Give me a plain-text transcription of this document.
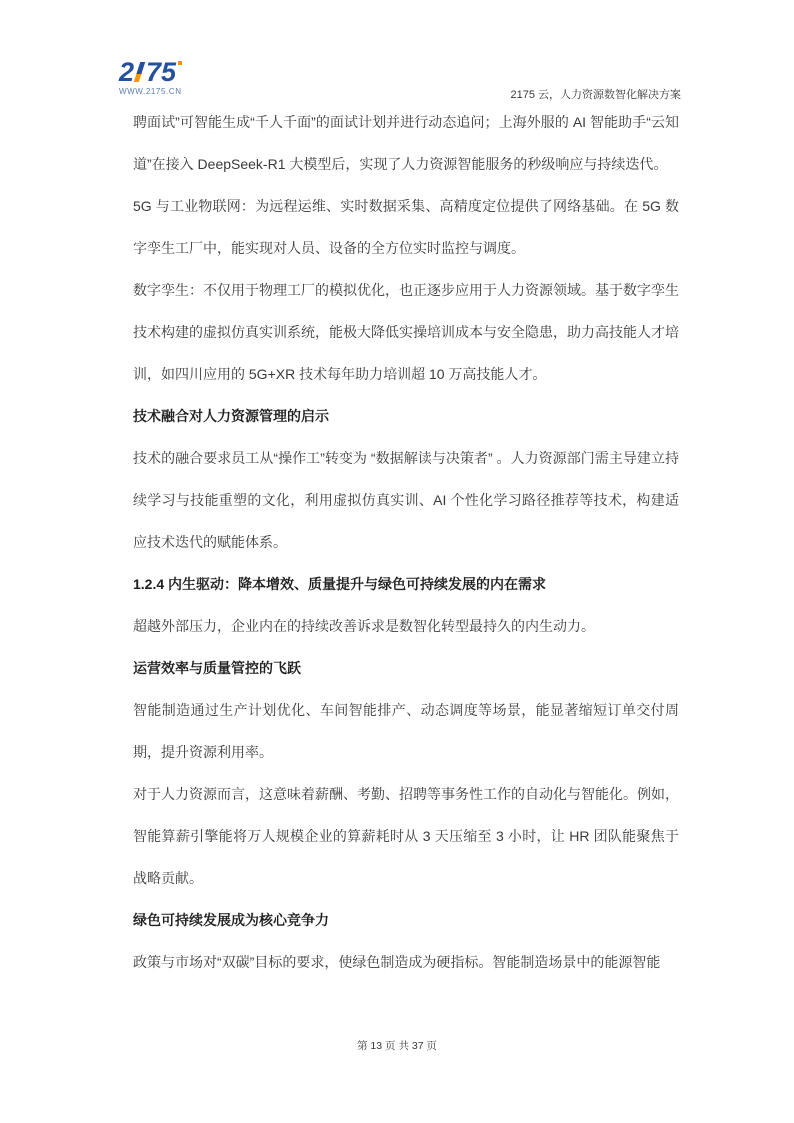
2 75
WWW.2175.CN	2175 云，人力资源数智化解决方案

聘面试”可智能生成“千人千面”的面试计划并进行动态追问；上海外服的 AI 智能助手“云知道”在接入 DeepSeek-R1 大模型后，实现了人力资源智能服务的秒级响应与持续迭代。

5G 与工业物联网：为远程运维、实时数据采集、高精度定位提供了网络基础。在 5G 数字孪生工厂中，能实现对人员、设备的全方位实时监控与调度。

数字孪生：不仅用于物理工厂的模拟优化，也正逐步应用于人力资源领域。基于数字孪生技术构建的虚拟仿真实训系统，能极大降低实操培训成本与安全隐患，助力高技能人才培训，如四川应用的 5G+XR 技术每年助力培训超 10 万高技能人才。

技术融合对人力资源管理的启示

技术的融合要求员工从“操作工”转变为 “数据解读与决策者” 。人力资源部门需主导建立持续学习与技能重塑的文化，利用虚拟仿真实训、AI 个性化学习路径推荐等技术，构建适应技术迭代的赋能体系。

1.2.4 内生驱动：降本增效、质量提升与绿色可持续发展的内在需求

超越外部压力，企业内在的持续改善诉求是数智化转型最持久的内生动力。

运营效率与质量管控的飞跃

智能制造通过生产计划优化、车间智能排产、动态调度等场景，能显著缩短订单交付周期，提升资源利用率。

对于人力资源而言，这意味着薪酬、考勤、招聘等事务性工作的自动化与智能化。例如，智能算薪引擎能将万人规模企业的算薪耗时从 3 天压缩至 3 小时，让 HR 团队能聚焦于战略贡献。

绿色可持续发展成为核心竞争力

政策与市场对“双碳”目标的要求，使绿色制造成为硬指标。智能制造场景中的能源智能

第 13 页 共 37 页
